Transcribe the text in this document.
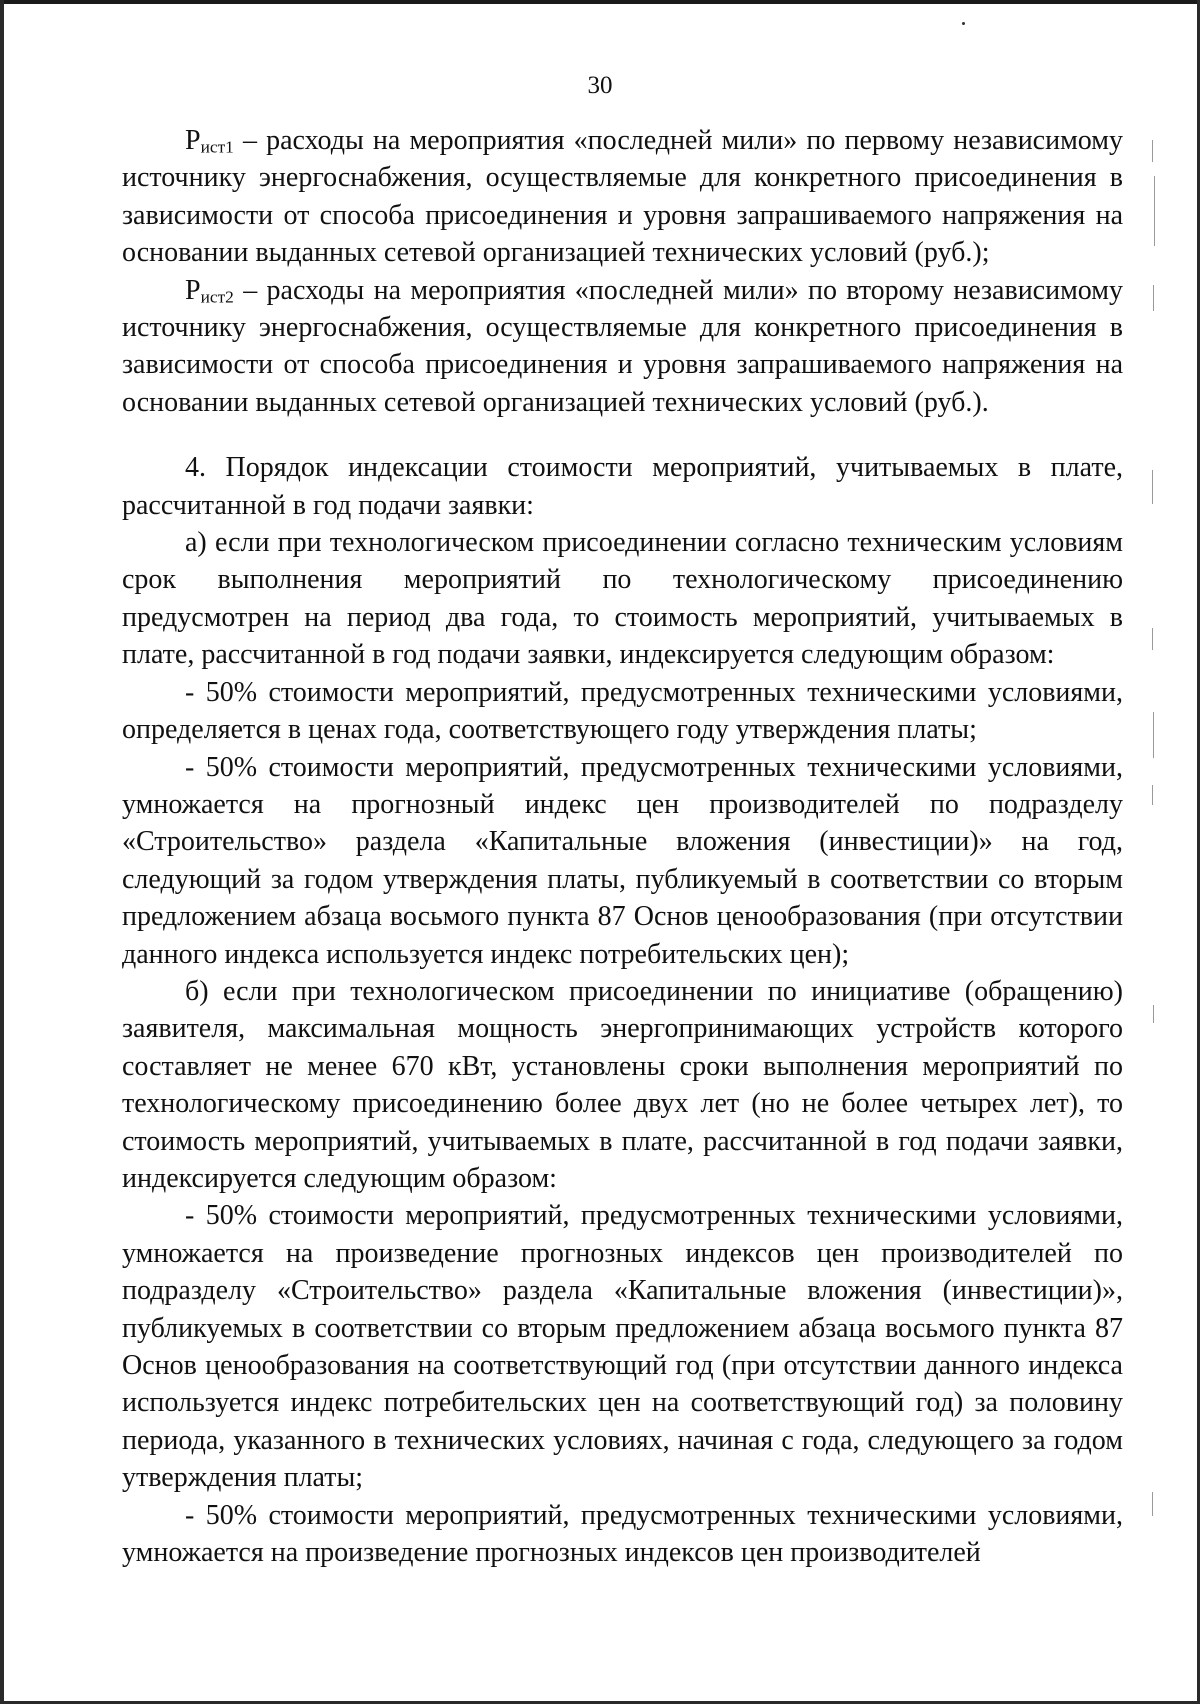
30

$Р_{ист1}$ – расходы на мероприятия «последней мили» по первому независимому источнику энергоснабжения, осуществляемые для конкретного присоединения в зависимости от способа присоединения и уровня запрашиваемого напряжения на основании выданных сетевой организацией технических условий (руб.);

$Р_{ист2}$ – расходы на мероприятия «последней мили» по второму независимому источнику энергоснабжения, осуществляемые для конкретного присоединения в зависимости от способа присоединения и уровня запрашиваемого напряжения на основании выданных сетевой организацией технических условий (руб.).

4. Порядок индексации стоимости мероприятий, учитываемых в плате, рассчитанной в год подачи заявки:

а) если при технологическом присоединении согласно техническим условиям срок выполнения мероприятий по технологическому присоединению предусмотрен на период два года, то стоимость мероприятий, учитываемых в плате, рассчитанной в год подачи заявки, индексируется следующим образом:

- 50% стоимости мероприятий, предусмотренных техническими условиями, определяется в ценах года, соответствующего году утверждения платы;

- 50% стоимости мероприятий, предусмотренных техническими условиями, умножается на прогнозный индекс цен производителей по подразделу «Строительство» раздела «Капитальные вложения (инвестиции)» на год, следующий за годом утверждения платы, публикуемый в соответствии со вторым предложением абзаца восьмого пункта 87 Основ ценообразования (при отсутствии данного индекса используется индекс потребительских цен);

б) если при технологическом присоединении по инициативе (обращению) заявителя, максимальная мощность энергопринимающих устройств которого составляет не менее 670 кВт, установлены сроки выполнения мероприятий по технологическому присоединению более двух лет (но не более четырех лет), то стоимость мероприятий, учитываемых в плате, рассчитанной в год подачи заявки, индексируется следующим образом:

- 50% стоимости мероприятий, предусмотренных техническими условиями, умножается на произведение прогнозных индексов цен производителей по подразделу «Строительство» раздела «Капитальные вложения (инвестиции)», публикуемых в соответствии со вторым предложением абзаца восьмого пункта 87 Основ ценообразования на соответствующий год (при отсутствии данного индекса используется индекс потребительских цен на соответствующий год) за половину периода, указанного в технических условиях, начиная с года, следующего за годом утверждения платы;

- 50% стоимости мероприятий, предусмотренных техническими условиями, умножается на произведение прогнозных индексов цен производителей
